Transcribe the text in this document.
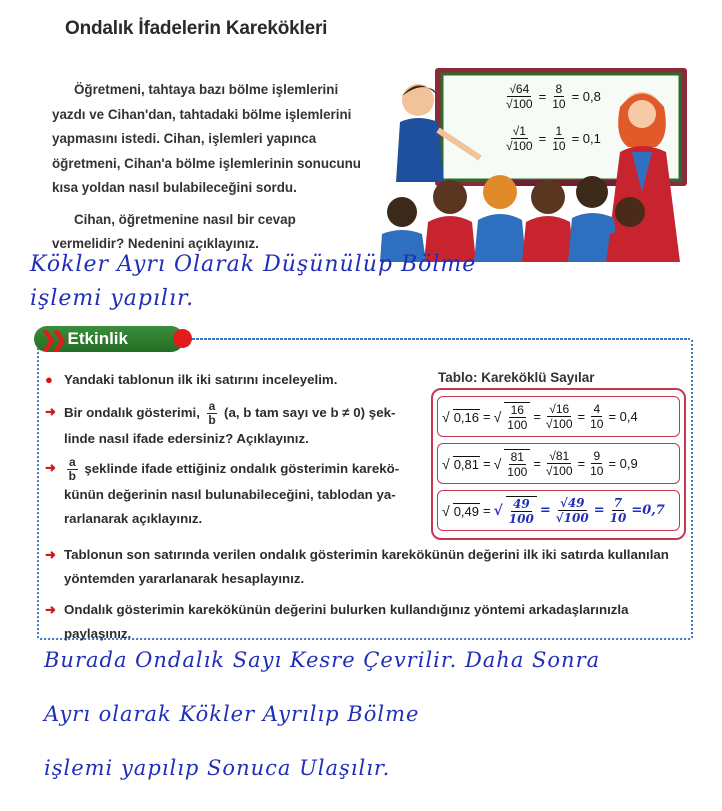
Ondalık İfadelerin Karekökleri

Öğretmeni, tahtaya bazı bölme işlemlerini yazdı ve Cihan'dan, tahtadaki bölme işlemlerini yapmasını istedi. Cihan, işlemleri yapınca öğretmeni, Cihan'a bölme işlemlerinin sonucunu kısa yoldan nasıl bulabileceğini sordu.

Cihan, öğretmenine nasıl bir cevap vermelidir? Nedenini açıklayınız.

$\frac{√64}{√100} = \frac{8}{10} = 0,8$
$\frac{√1}{√100} = \frac{1}{10} = 0,1$
Kökler Ayrı Olarak Düşünülüp Bölme
işlemi yapılır.
❯❯ Etkinlik
● Yandaki tablonun ilk iki satırını inceleyelim.
➜ Bir ondalık gösterimi, $\frac{a}{b} (a$, b tam sayı ve b ≠ 0) şek-
linde nasıl ifade edersiniz? Açıklayınız.
➜ $\frac{a}{b}$ şeklinde ifade ettiğiniz ondalık gösterimin karekö-
künün değerinin nasıl bulunabileceğini, tablodan ya-
rarlanarak açıklayınız.
➜ Tablonun son satırında verilen ondalık gösterimin karekökünün değerini ilk iki satırda kullanılan
yöntemden yararlanarak hesaplayınız.
➜ Ondalık gösterimin karekökünün değerini bulurken kullandığınız yöntemi arkadaşlarınızla paylaşınız.
Tablo: Kareköklü Sayılar
√ 0,16 = √ $\frac{16}{100} = \frac{√16}{√100} = \frac{4}{10} = 0,4$
√ 0,81 = √ $\frac{81}{100} = \frac{√81}{√100} = \frac{9}{10} = 0,9$
√ 0,49 = √ $\frac{49}{100} = \frac{√49}{√100} = \frac{7}{10} =0,7$
Burada Ondalık Sayı Kesre Çevrilir. Daha Sonra
Ayrı olarak Kökler Ayrılıp Bölme
işlemi yapılıp Sonuca Ulaşılır.
